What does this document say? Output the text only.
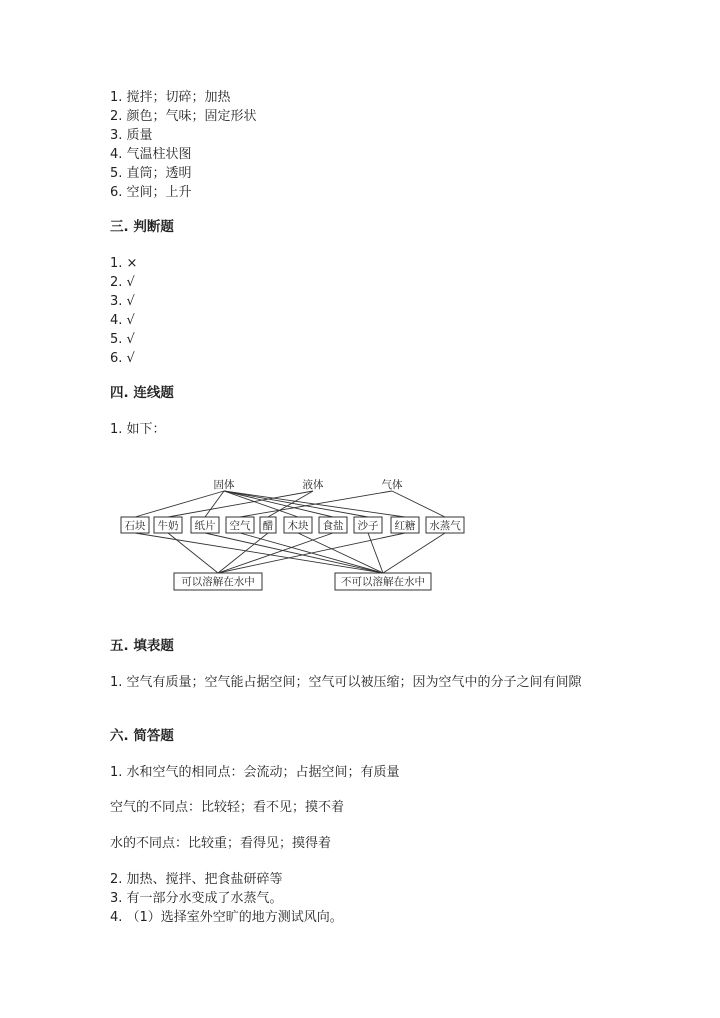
1. 搅拌；切碎；加热
2. 颜色；气味；固定形状
3. 质量
4. 气温柱状图
5. 直筒；透明
6. 空间；上升
三. 判断题
1. ×
2. √
3. √
4. √
5. √
6. √
四. 连线题
1. 如下：
固体	液体	气体
石块 牛奶 纸片 空气 醋 木块 食盐 沙子 红糖 水蒸气
可以溶解在水中	不可以溶解在水中
五. 填表题
1. 空气有质量；空气能占据空间；空气可以被压缩；因为空气中的分子之间有间隙
六. 简答题
1. 水和空气的相同点：会流动；占据空间；有质量
空气的不同点：比较轻；看不见；摸不着
水的不同点：比较重；看得见；摸得着
2. 加热、搅拌、把食盐研碎等
3. 有一部分水变成了水蒸气。
4. （1）选择室外空旷的地方测试风向。
